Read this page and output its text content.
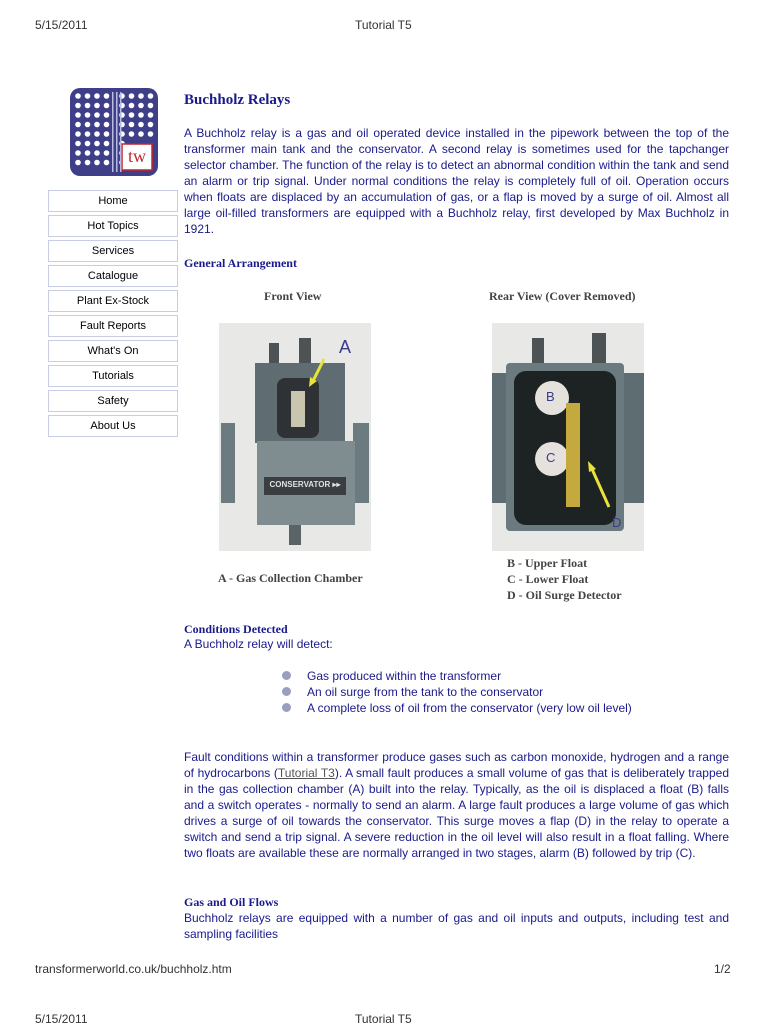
5/15/2011	Tutorial T5
tw
Home
Hot Topics
Services
Catalogue
Plant Ex-Stock
Fault Reports
What's On
Tutorials
Safety
About Us
Buchholz Relays

A Buchholz relay is a gas and oil operated device installed in the pipework between the top of the transformer main tank and the conservator. A second relay is sometimes used for the tapchanger selector chamber. The function of the relay is to detect an abnormal condition within the tank and send an alarm or trip signal. Under normal conditions the relay is completely full of oil. Operation occurs when floats are displaced by an accumulation of gas, or a flap is moved by a surge of oil. Almost all large oil-filled transformers are equipped with a Buchholz relay, first developed by Max Buchholz in 1921.

General Arrangement
Front View	Rear View (Cover Removed)
A
CONSERVATOR ▸▸
B
C
D
A - Gas Collection Chamber
B - Upper Float
C - Lower Float
D - Oil Surge Detector
Conditions Detected
A Buchholz relay will detect:
Gas produced within the transformer
An oil surge from the tank to the conservator
A complete loss of oil from the conservator (very low oil level)

Fault conditions within a transformer produce gases such as carbon monoxide, hydrogen and a range of hydrocarbons (Tutorial T3). A small fault produces a small volume of gas that is deliberately trapped in the gas collection chamber (A) built into the relay. Typically, as the oil is displaced a float (B) falls and a switch operates - normally to send an alarm. A large fault produces a large volume of gas which drives a surge of oil towards the conservator. This surge moves a flap (D) in the relay to operate a switch and send a trip signal. A severe reduction in the oil level will also result in a float falling. Where two floats are available these are normally arranged in two stages, alarm (B) followed by trip (C).

Gas and Oil Flows

Buchholz relays are equipped with a number of gas and oil inputs and outputs, including test and sampling facilities

transformerworld.co.uk/buchholz.htm	1/2
5/15/2011	Tutorial T5
